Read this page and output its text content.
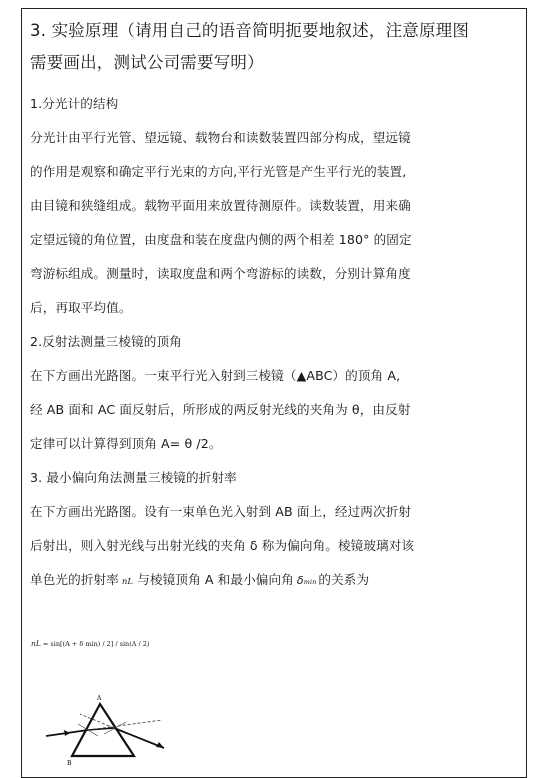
3. 实验原理（请用自己的语音简明扼要地叙述，注意原理图
需要画出，测试公司需要写明）
1.分光计的结构
分光计由平行光管、望远镜、载物台和读数装置四部分构成，望远镜
的作用是观察和确定平行光束的方向,平行光管是产生平行光的装置,
由目镜和狭缝组成。载物平面用来放置待测原件。读数装置，用来确
定望远镜的角位置，由度盘和装在度盘内侧的两个相差 180° 的固定
弯游标组成。测量时，读取度盘和两个弯游标的读数，分别计算角度
后，再取平均值。
2.反射法测量三棱镜的顶角
在下方画出光路图。一束平行光入射到三棱镜（▲ABC）的顶角 A,
经 AB 面和 AC 面反射后，所形成的两反射光线的夹角为 θ，由反射
定律可以计算得到顶角 A= θ /2。
3. 最小偏向角法测量三棱镜的折射率
在下方画出光路图。设有一束单色光入射到 AB 面上，经过两次折射
后射出，则入射光线与出射光线的夹角 δ 称为偏向角。棱镜玻璃对该
单色光的折射率 nL 与棱镜顶角 A 和最小偏向角 δmin 的关系为
nL = sin[(A + δ min) / 2] / sin(A / 2)
A
B
